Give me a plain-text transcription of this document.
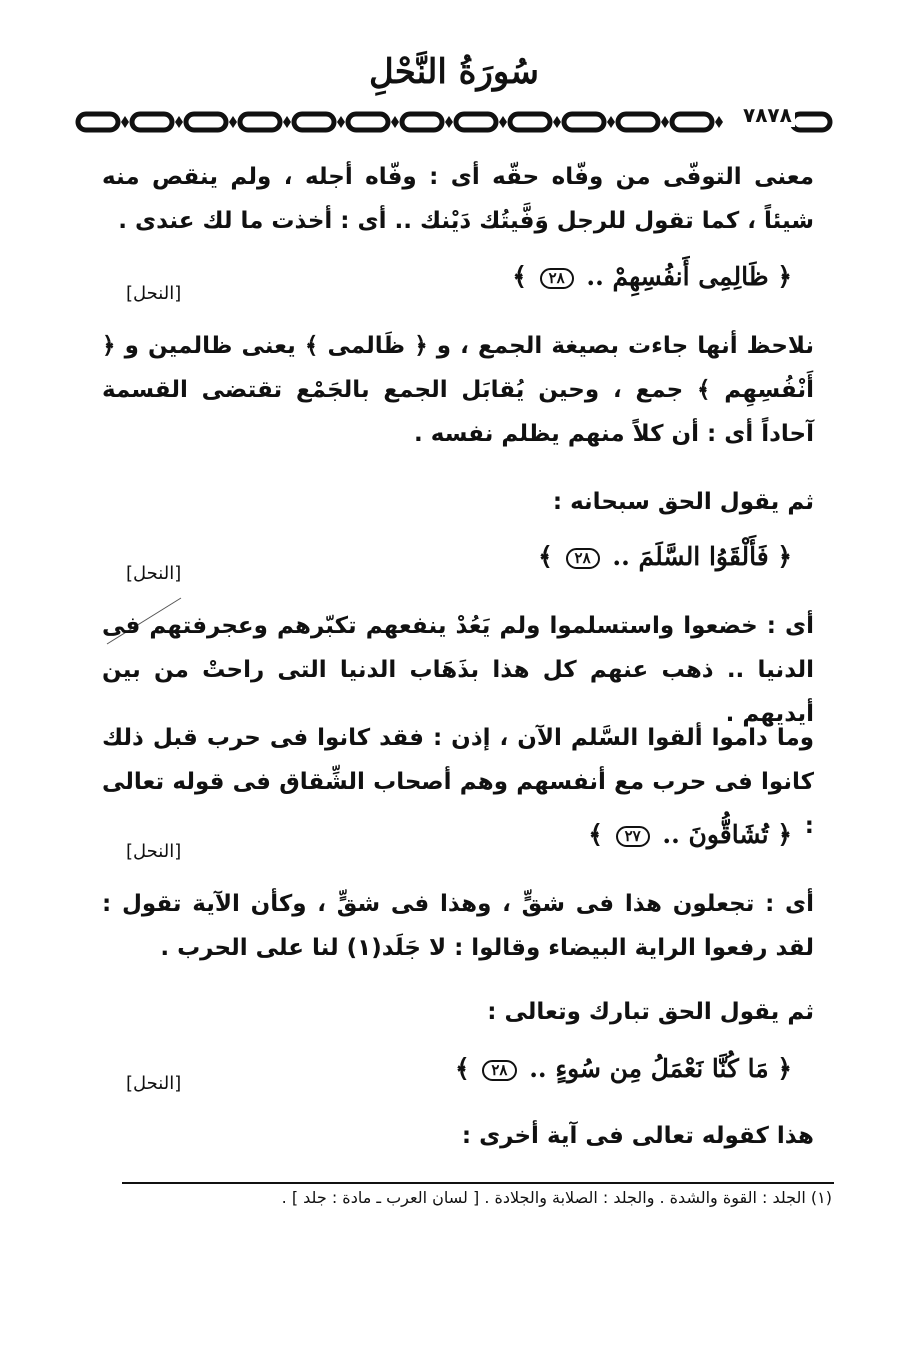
سُورَةُ النَّحْلِ
٧٨٧٨
معنى التوفّى من وفّاه حقّه أى : وفّاه أجله ، ولم ينقص منه شيئاً ، كما تقول للرجل وَفَّيتُك دَيْنك .. أى : أخذت ما لك عندى .
﴿ ظَالِمِى أَنفُسِهِمْ .. ٢٨ ﴾
[النحل]
نلاحظ أنها جاءت بصيغة الجمع ، و ﴿ ظَالمى ﴾ يعنى ظالمين و ﴿ أَنْفُسِهِم ﴾ جمع ، وحين يُقابَل الجمع بالجَمْع تقتضى القسمة آحاداً أى : أن كلاً منهم يظلم نفسه .
ثم يقول الحق سبحانه :
﴿ فَأَلْقَوُا السَّلَمَ .. ٢٨ ﴾
[النحل]
أى : خضعوا واستسلموا ولم يَعُدْ ينفعهم تكبّرهم وعجرفتهم فى الدنيا .. ذهب عنهم كل هذا بذَهَاب الدنيا التى راحتْ من بين أيديهم .
وما داموا ألقوا السَّلم الآن ، إذن : فقد كانوا فى حرب قبل ذلك كانوا فى حرب مع أنفسهم وهم أصحاب الشِّقاق فى قوله تعالى :
﴿ تُشَاقُّونَ .. ٢٧ ﴾
[النحل]
أى : تجعلون هذا فى شقٍّ ، وهذا فى شقٍّ ، وكأن الآية تقول : لقد رفعوا الراية البيضاء وقالوا : لا جَلَد(١) لنا على الحرب .
ثم يقول الحق تبارك وتعالى :
﴿ مَا كُنَّا نَعْمَلُ مِن سُوءٍ .. ٢٨ ﴾
[النحل]
هذا كقوله تعالى فى آية أخرى :
(١) الجلد : القوة والشدة . والجلد : الصلابة والجلادة . [ لسان العرب ـ مادة : جلد ] .
